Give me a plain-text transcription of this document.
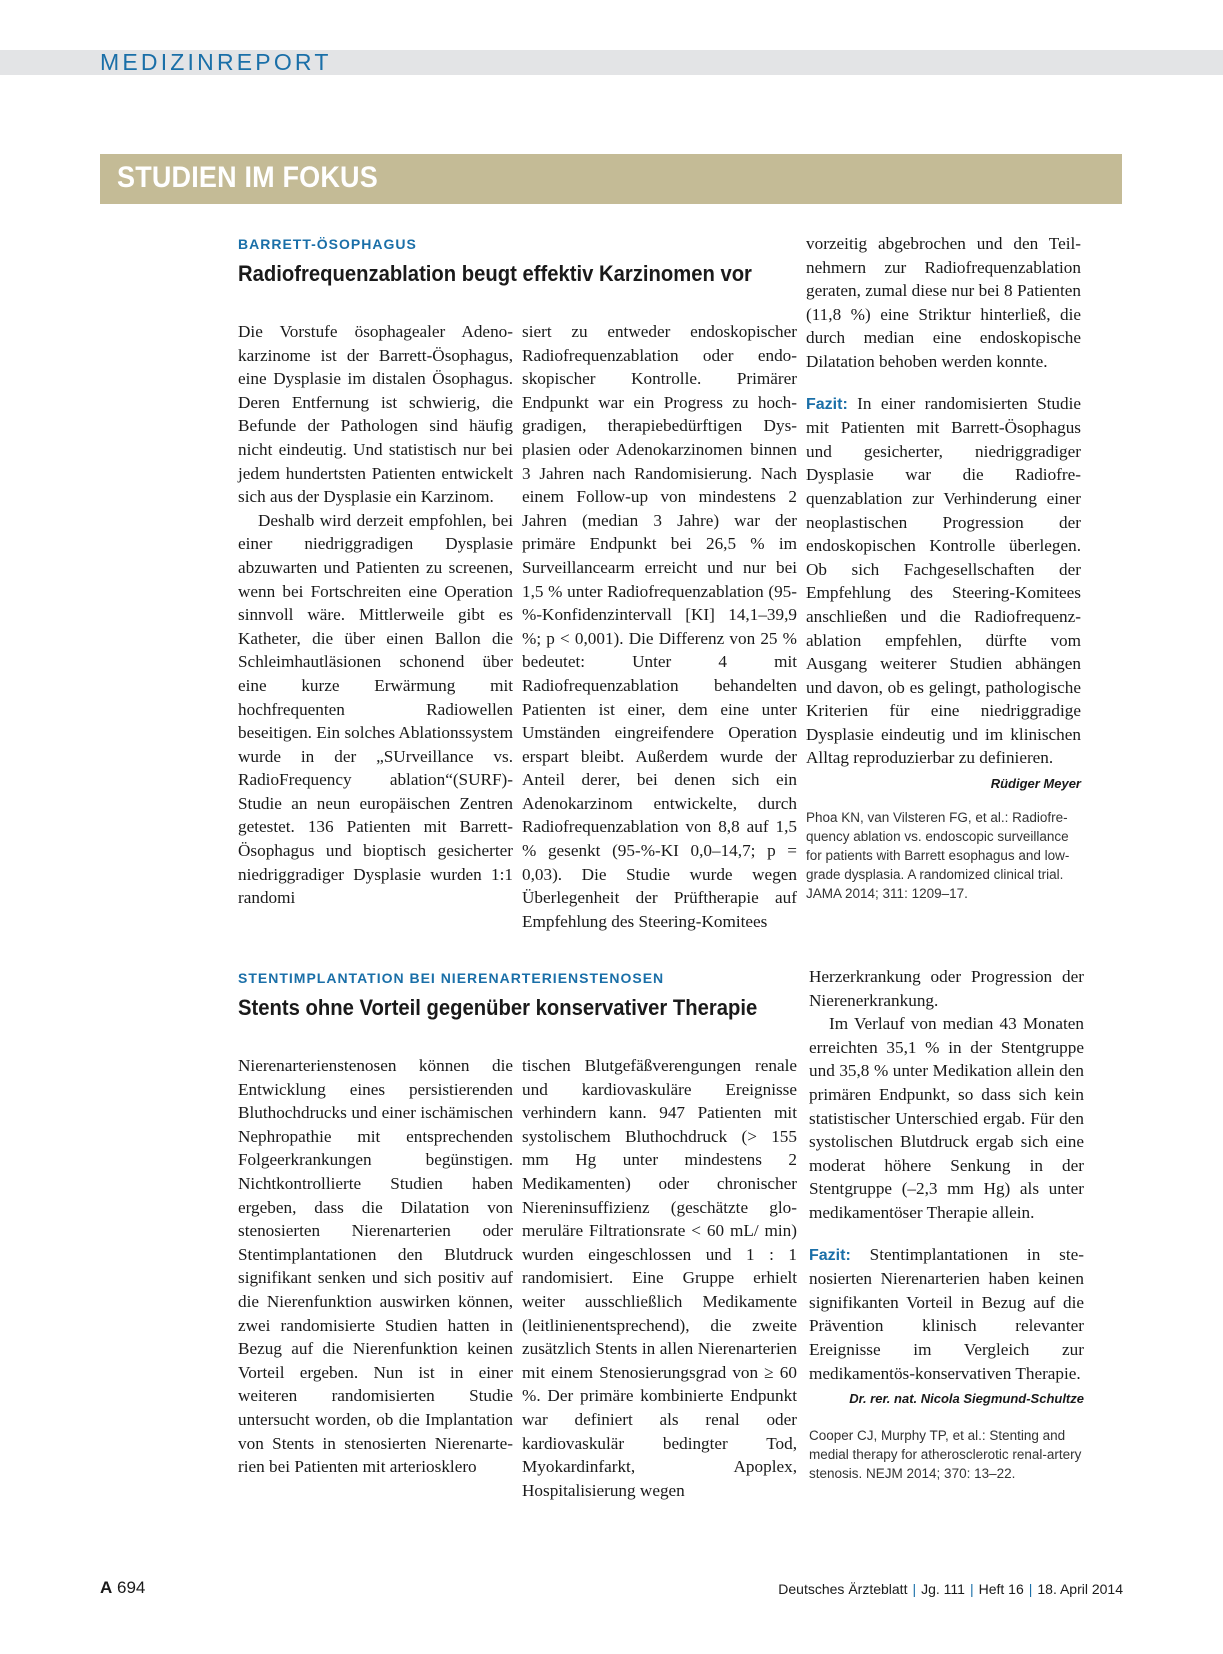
MEDIZINREPORT
STUDIEN IM FOKUS
BARRETT-ÖSOPHAGUS
Radiofrequenzablation beugt effektiv Karzinomen vor

Die Vorstufe ösophagealer Adenokarzinome ist der Barrett-Ösophagus, eine Dysplasie im distalen Ösophagus. Deren Entfernung ist schwierig, die Befunde der Pathologen sind häufig nicht eindeutig. Und statistisch nur bei jedem hundertsten Patienten entwickelt sich aus der Dysplasie ein Karzinom.

Deshalb wird derzeit empfohlen, bei einer niedriggradigen Dysplasie abzuwarten und Patienten zu screenen, wenn bei Fortschreiten eine Operation sinnvoll wäre. Mittlerweile gibt es Katheter, die über einen Ballon die Schleimhautläsionen schonend über eine kurze Erwärmung mit hochfrequenten Radiowellen beseitigen. Ein solches Ablationssystem wurde in der „SUrveillance vs. RadioFrequency ablation“(SURF)-Studie an neun europäischen Zentren getestet. 136 Patienten mit Barrett-Ösophagus und bioptisch gesicherter niedriggradiger Dysplasie wurden 1:1 randomi

siert zu entweder endoskopischer Radiofrequenzablation oder endoskopischer Kontrolle. Primärer Endpunkt war ein Progress zu hochgradigen, therapiebedürftigen Dysplasien oder Adenokarzinomen binnen 3 Jahren nach Randomisierung. Nach einem Follow-up von mindestens 2 Jahren (median 3 Jahre) war der primäre Endpunkt bei 26,5 % im Surveillancearm erreicht und nur bei 1,5 % unter Radiofrequenzablation (95-%-Konfidenzintervall [KI] 14,1–39,9 %; p < 0,001). Die Differenz von 25 % bedeutet: Unter 4 mit Radiofrequenzablation behandelten Patienten ist einer, dem eine unter Umständen eingreifendere Operation erspart bleibt. Außerdem wurde der Anteil derer, bei denen sich ein Adenokarzinom entwickelte, durch Radiofrequenzablation von 8,8 auf 1,5 % gesenkt (95-%-KI 0,0–14,7; p = 0,03). Die Studie wurde wegen Überlegenheit der Prüftherapie auf Empfehlung des Steering-Komitees

vorzeitig abgebrochen und den Teilnehmern zur Radiofrequenzablation geraten, zumal diese nur bei 8 Patienten (11,8 %) eine Striktur hinterließ, die durch median eine endoskopische Dilatation behoben werden konnte.

Fazit: In einer randomisierten Studie mit Patienten mit Barrett-Ösophagus und gesicherter, niedriggradiger Dysplasie war die Radiofrequenzablation zur Verhinderung einer neoplastischen Progression der endoskopischen Kontrolle überlegen. Ob sich Fachgesellschaften der Empfehlung des Steering-Komitees anschließen und die Radiofrequenzablation empfehlen, dürfte vom Ausgang weiterer Studien abhängen und davon, ob es gelingt, pathologische Kriterien für eine niedriggradige Dysplasie eindeutig und im klinischen Alltag reproduzierbar zu definieren.
Rüdiger Meyer

Phoa KN, van Vilsteren FG, et al.: Radiofrequency ablation vs. endoscopic surveillance for patients with Barrett esophagus and low-grade dysplasia. A randomized clinical trial. JAMA 2014; 311: 1209–17.
STENTIMPLANTATION BEI NIERENARTERIENSTENOSEN
Stents ohne Vorteil gegenüber konservativer Therapie

Nierenarterienstenosen können die Entwicklung eines persistierenden Bluthochdrucks und einer ischämischen Nephropathie mit entsprechenden Folgeerkrankungen begünstigen. Nichtkontrollierte Studien haben ergeben, dass die Dilatation von stenosierten Nierenarterien oder Stentimplantationen den Blutdruck signifikant senken und sich positiv auf die Nierenfunktion auswirken können, zwei randomisierte Studien hatten in Bezug auf die Nierenfunktion keinen Vorteil ergeben. Nun ist in einer weiteren randomisierten Studie untersucht worden, ob die Implantation von Stents in stenosierten Nierenarterien bei Patienten mit arteriosklero

tischen Blutgefäßverengungen renale und kardiovaskuläre Ereignisse verhindern kann. 947 Patienten mit systolischem Bluthochdruck (> 155 mm Hg unter mindestens 2 Medikamenten) oder chronischer Niereninsuffizienz (geschätzte glomeruläre Filtrationsrate < 60 mL/ min) wurden eingeschlossen und 1 : 1 randomisiert. Eine Gruppe erhielt weiter ausschließlich Medikamente (leitlinienentsprechend), die zweite zusätzlich Stents in allen Nierenarterien mit einem Stenosierungsgrad von ≥ 60 %. Der primäre kombinierte Endpunkt war definiert als renal oder kardiovaskulär bedingter Tod, Myokardinfarkt, Apoplex, Hospitalisierung wegen

Herzerkrankung oder Progression der Nierenerkrankung.

Im Verlauf von median 43 Monaten erreichten 35,1 % in der Stentgruppe und 35,8 % unter Medikation allein den primären Endpunkt, so dass sich kein statistischer Unterschied ergab. Für den systolischen Blutdruck ergab sich eine moderat höhere Senkung in der Stentgruppe (–2,3 mm Hg) als unter medikamentöser Therapie allein.

Fazit: Stentimplantationen in stenosierten Nierenarterien haben keinen signifikanten Vorteil in Bezug auf die Prävention klinisch relevanter Ereignisse im Vergleich zur medikamentös-konservativen Therapie.
Dr. rer. nat. Nicola Siegmund-Schultze

Cooper CJ, Murphy TP, et al.: Stenting and medial therapy for atherosclerotic renal-artery stenosis. NEJM 2014; 370: 13–22.
A 694	Deutsches Ärzteblatt | Jg. 111 | Heft 16 | 18. April 2014
